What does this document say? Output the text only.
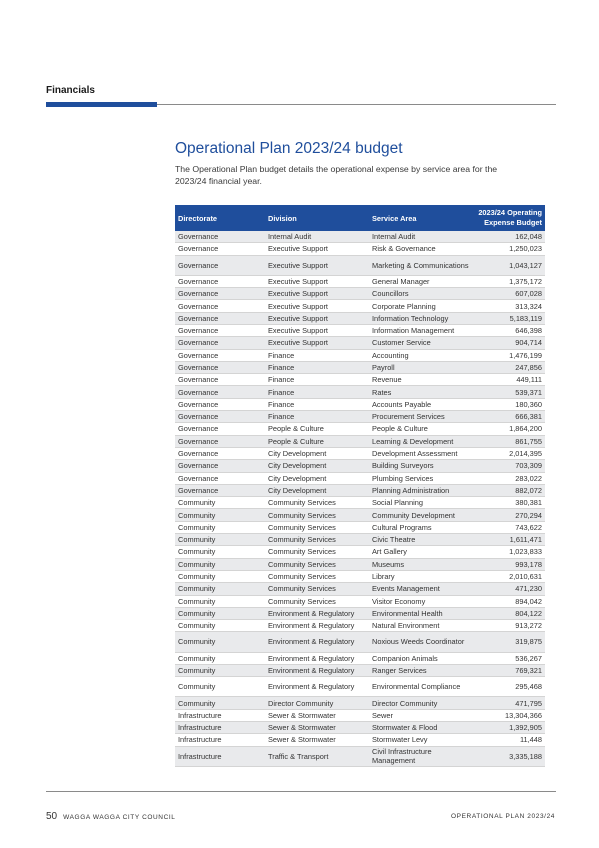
Financials
Operational Plan 2023/24 budget

The Operational Plan budget details the operational expense by service area for the 2023/24 financial year.

Directorate	Division	Service Area	2023/24 Operating Expense Budget
Governance	Internal Audit	Internal Audit	162,048
Governance	Executive Support	Risk & Governance	1,250,023
Governance	Executive Support	Marketing & Communications	1,043,127
Governance	Executive Support	General Manager	1,375,172
Governance	Executive Support	Councillors	607,028
Governance	Executive Support	Corporate Planning	313,324
Governance	Executive Support	Information Technology	5,183,119
Governance	Executive Support	Information Management	646,398
Governance	Executive Support	Customer Service	904,714
Governance	Finance	Accounting	1,476,199
Governance	Finance	Payroll	247,856
Governance	Finance	Revenue	449,111
Governance	Finance	Rates	539,371
Governance	Finance	Accounts Payable	180,360
Governance	Finance	Procurement Services	666,381
Governance	People & Culture	People & Culture	1,864,200
Governance	People & Culture	Learning & Development	861,755
Governance	City Development	Development Assessment	2,014,395
Governance	City Development	Building Surveyors	703,309
Governance	City Development	Plumbing Services	283,022
Governance	City Development	Planning Administration	882,072
Community	Community Services	Social Planning	380,381
Community	Community Services	Community Development	270,294
Community	Community Services	Cultural Programs	743,622
Community	Community Services	Civic Theatre	1,611,471
Community	Community Services	Art Gallery	1,023,833
Community	Community Services	Museums	993,178
Community	Community Services	Library	2,010,631
Community	Community Services	Events Management	471,230
Community	Community Services	Visitor Economy	894,042
Community	Environment & Regulatory	Environmental Health	804,122
Community	Environment & Regulatory	Natural Environment	913,272
Community	Environment & Regulatory	Noxious Weeds Coordinator	319,875
Community	Environment & Regulatory	Companion Animals	536,267
Community	Environment & Regulatory	Ranger Services	769,321
Community	Environment & Regulatory	Environmental Compliance	295,468
Community	Director Community	Director Community	471,795
Infrastructure	Sewer & Stormwater	Sewer	13,304,366
Infrastructure	Sewer & Stormwater	Stormwater & Flood	1,392,905
Infrastructure	Sewer & Stormwater	Stormwater Levy	11,448
Infrastructure	Traffic & Transport	Civil Infrastructure Management	3,335,188
50 WAGGA WAGGA CITY COUNCIL	OPERATIONAL PLAN 2023/24
